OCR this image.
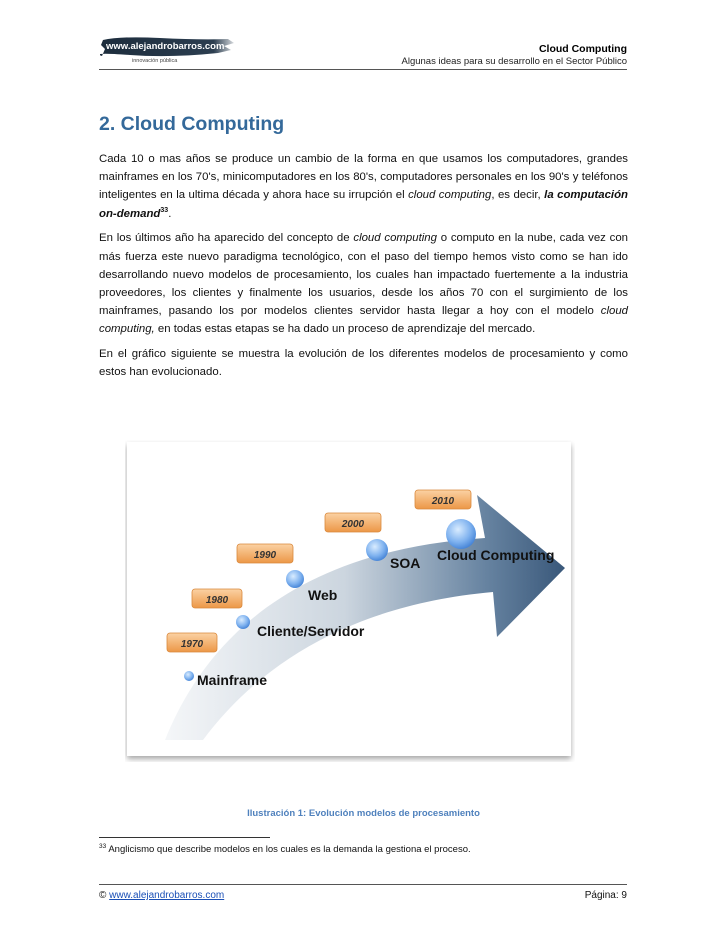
www.alejandrobarros.com
innovación pública
Cloud Computing
Algunas ideas para su desarrollo en el Sector Público
2. Cloud Computing

Cada 10 o mas años se produce un cambio de la forma en que usamos los computadores, grandes mainframes en los 70's, minicomputadores en los 80's, computadores personales en los 90's y teléfonos inteligentes en la ultima década y ahora hace su irrupción el cloud computing, es decir, la computación on-demand$^{33}$.

En los últimos año ha aparecido del concepto de cloud computing o computo en la nube, cada vez con más fuerza este nuevo paradigma tecnológico, con el paso del tiempo hemos visto como se han ido desarrollando nuevo modelos de procesamiento, los cuales han impactado fuertemente a la industria proveedores, los clientes y finalmente los usuarios, desde los años 70 con el surgimiento de los mainframes, pasando los por modelos clientes servidor hasta llegar a hoy con el modelo cloud computing, en todas estas etapas se ha dado un proceso de aprendizaje del mercado.

En el gráfico siguiente se muestra la evolución de los diferentes modelos de procesamiento y como estos han evolucionado.

1970
Mainframe
1980
Cliente/Servidor
1990
Web
2000
SOA
2010
Cloud Computing
Ilustración 1: Evolución modelos de procesamiento
$^{33}$ Anglicismo que describe modelos en los cuales es la demanda la gestiona el proceso.
© www.alejandrobarros.com	Página: 9
